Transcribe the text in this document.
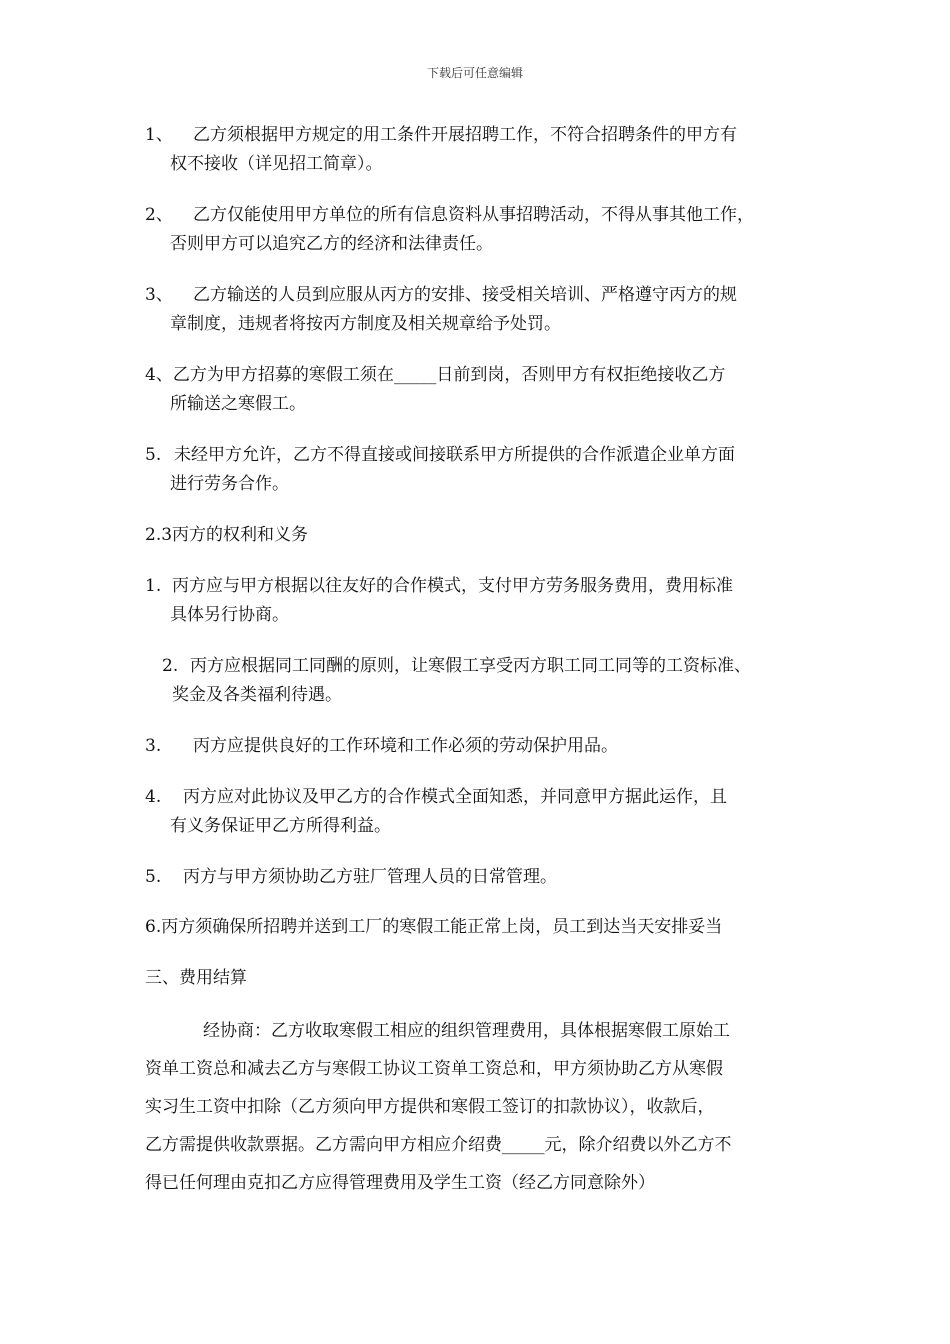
下载后可任意编辑
1、 乙方须根据甲方规定的用工条件开展招聘工作，不符合招聘条件的甲方有
权不接收（详见招工简章）。
2、 乙方仅能使用甲方单位的所有信息资料从事招聘活动，不得从事其他工作，
否则甲方可以追究乙方的经济和法律责任。
3、 乙方输送的人员到应服从丙方的安排、接受相关培训、严格遵守丙方的规
章制度，违规者将按丙方制度及相关规章给予处罚。
4、乙方为甲方招募的寒假工须在_____日前到岗，否则甲方有权拒绝接收乙方
所输送之寒假工。
5. 未经甲方允许，乙方不得直接或间接联系甲方所提供的合作派遣企业单方面
进行劳务合作。
2.3丙方的权利和义务
1. 丙方应与甲方根据以往友好的合作模式，支付甲方劳务服务费用，费用标准
具体另行协商。
2. 丙方应根据同工同酬的原则，让寒假工享受丙方职工同工同等的工资标准、
奖金及各类福利待遇。
3. 丙方应提供良好的工作环境和工作必须的劳动保护用品。
4. 丙方应对此协议及甲乙方的合作模式全面知悉，并同意甲方据此运作，且
有义务保证甲乙方所得利益。
5. 丙方与甲方须协助乙方驻厂管理人员的日常管理。
6.丙方须确保所招聘并送到工厂的寒假工能正常上岗，员工到达当天安排妥当
三、费用结算
经协商：乙方收取寒假工相应的组织管理费用，具体根据寒假工原始工
资单工资总和减去乙方与寒假工协议工资单工资总和，甲方须协助乙方从寒假
实习生工资中扣除（乙方须向甲方提供和寒假工签订的扣款协议），收款后，
乙方需提供收款票据。乙方需向甲方相应介绍费_____元，除介绍费以外乙方不
得已任何理由克扣乙方应得管理费用及学生工资（经乙方同意除外）
